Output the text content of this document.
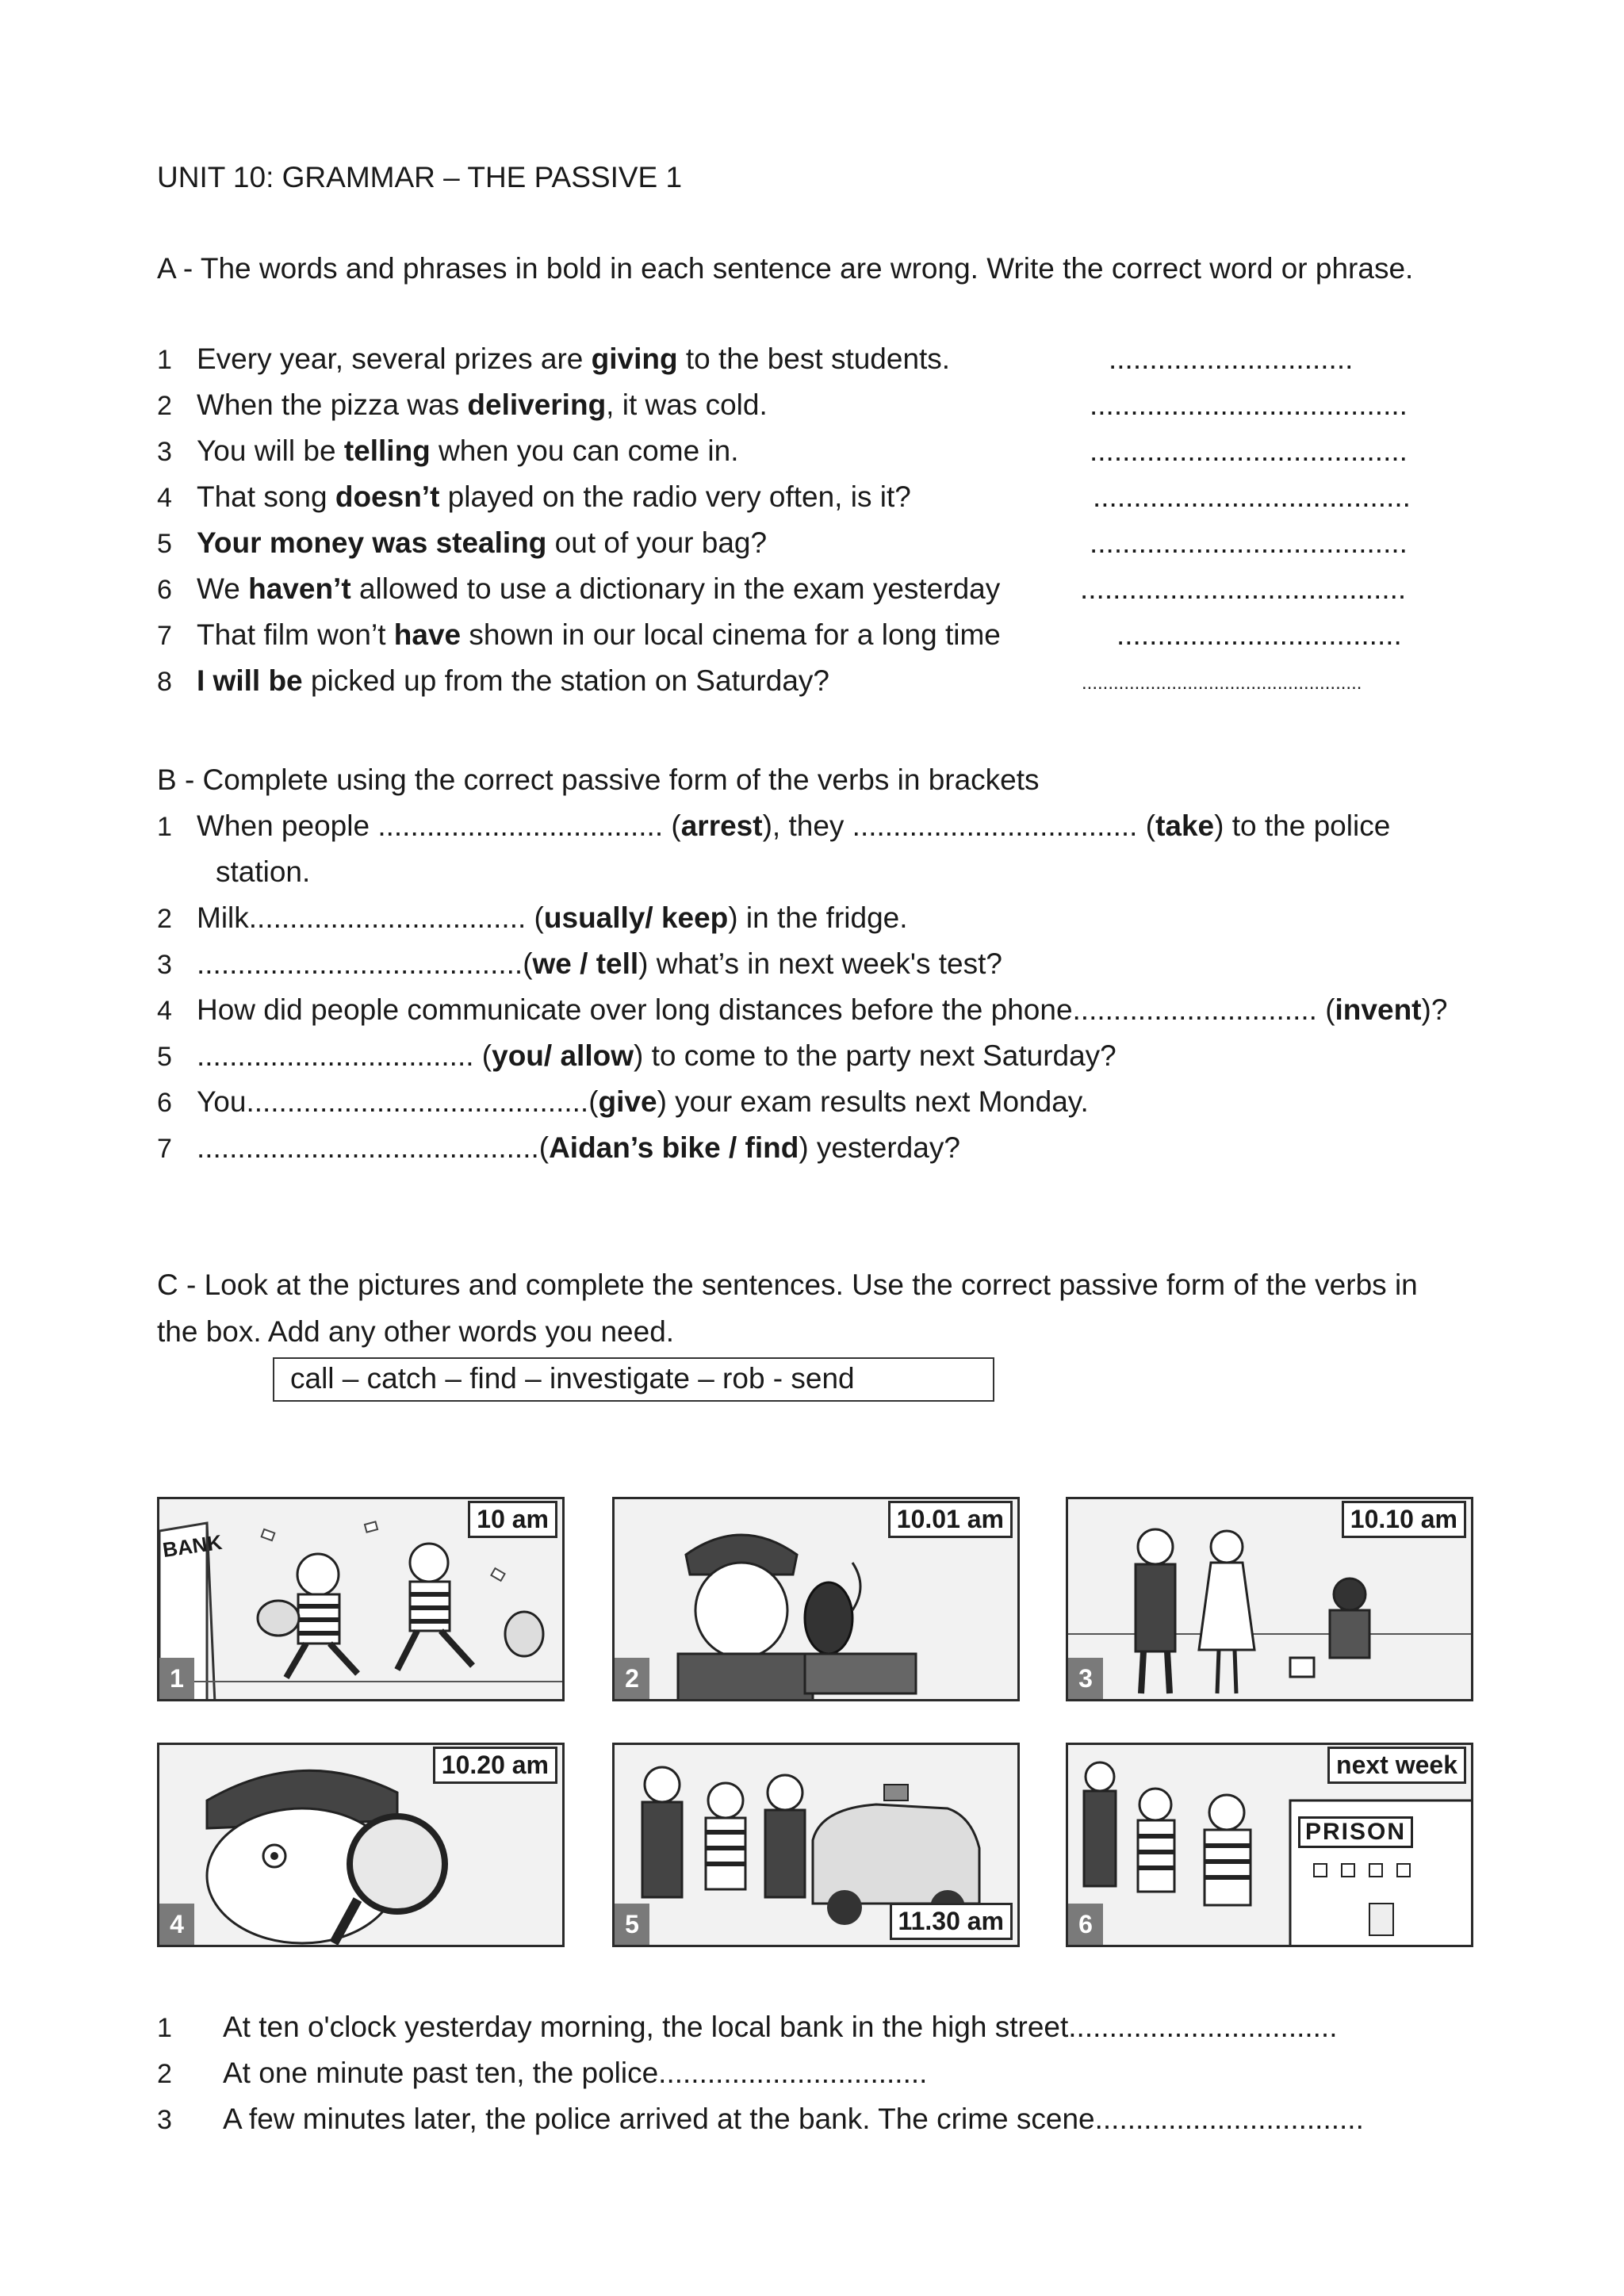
UNIT 10: GRAMMAR – THE PASSIVE 1
A - The words and phrases in bold in each sentence are wrong. Write the correct word or phrase.
1 Every year, several prizes are giving to the best students.	..............................
2 When the pizza was delivering, it was cold.	.......................................
3 You will be telling when you can come in.	.......................................
4 That song doesn’t played on the radio very often, is it?	.......................................
5 Your money was stealing out of your bag?	.......................................
6 We haven’t allowed to use a dictionary in the exam yesterday	........................................
7 That film won’t have shown in our local cinema for a long time	...................................
8 I will be picked up from the station on Saturday?	.....................................................
B - Complete using the correct passive form of the verbs in brackets
1 When people ................................... (arrest), they ................................... (take) to the police
station.
2 Milk.................................. (usually/ keep) in the fridge.
3 ........................................(we / tell) what’s in next week's test?
4 How did people communicate over long distances before the phone.............................. (invent)?
5 .................................. (you/ allow) to come to the party next Saturday?
6 You..........................................(give) your exam results next Monday.
7 ..........................................(Aidan’s bike / find) yesterday?
C - Look at the pictures and complete the sentences. Use the correct passive form of the verbs in
the box. Add any other words you need.
call – catch – find – investigate – rob - send
BANK
10 am
1
10.01 am
2
10.10 am
3
10.20 am
4	11.30 am
5
PRISON
next week
6
1 At ten o'clock yesterday morning, the local bank in the high street.................................
2 At one minute past ten, the police.................................
3 A few minutes later, the police arrived at the bank. The crime scene.................................
